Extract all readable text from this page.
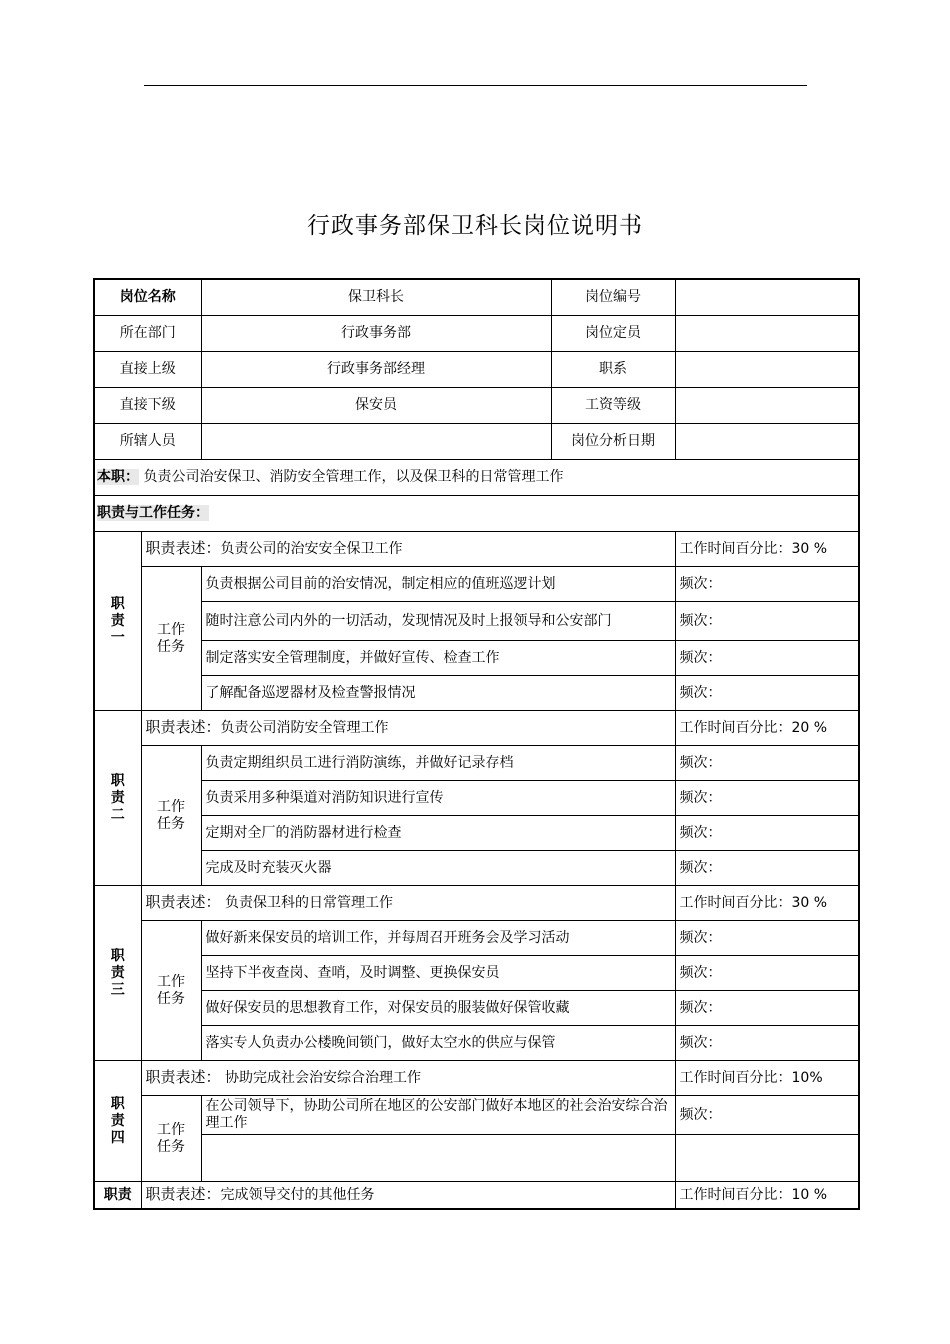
行政事务部保卫科长岗位说明书
岗位名称		保卫科长	岗位编号	
所在部门		行政事务部	岗位定员	
直接上级		行政事务部经理	职系	
直接下级		保安员	工资等级	
所辖人员			岗位分析日期	
本职： 负责公司治安保卫、消防安全管理工作，以及保卫科的日常管理工作				
职责与工作任务：				

职
责
一	职责表述：负责公司的治安安全保卫工作			工作时间百分比：30 %

	工作
任务	负责根据公司目前的治安情况，制定相应的值班巡逻计划		频次：
		随时注意公司内外的一切活动，发现情况及时上报领导和公安部门		频次：
		制定落实安全管理制度，并做好宣传、检查工作		频次：
		了解配备巡逻器材及检查警报情况		频次：

职
责
二	职责表述：负责公司消防安全管理工作			工作时间百分比：20 %

	工作
任务	负责定期组织员工进行消防演练，并做好记录存档		频次：
		负责采用多种渠道对消防知识进行宣传		频次：
		定期对全厂的消防器材进行检查		频次：
		完成及时充装灭火器		频次：

职
责
三	职责表述： 负责保卫科的日常管理工作			工作时间百分比：30 %

	工作
任务	做好新来保安员的培训工作，并每周召开班务会及学习活动		频次：
		坚持下半夜查岗、查哨，及时调整、更换保安员		频次：
		做好保安员的思想教育工作，对保安员的服装做好保管收藏		频次：
		落实专人负责办公楼晚间锁门，做好太空水的供应与保管		频次：

职
责
四	职责表述： 协助完成社会治安综合治理工作			工作时间百分比：10%

	工作
任务	在公司领导下，协助公司所在地区的公安部门做好本地区的社会治安综合治理工作		频次：

职责	职责表述：完成领导交付的其他任务			工作时间百分比：10 %
